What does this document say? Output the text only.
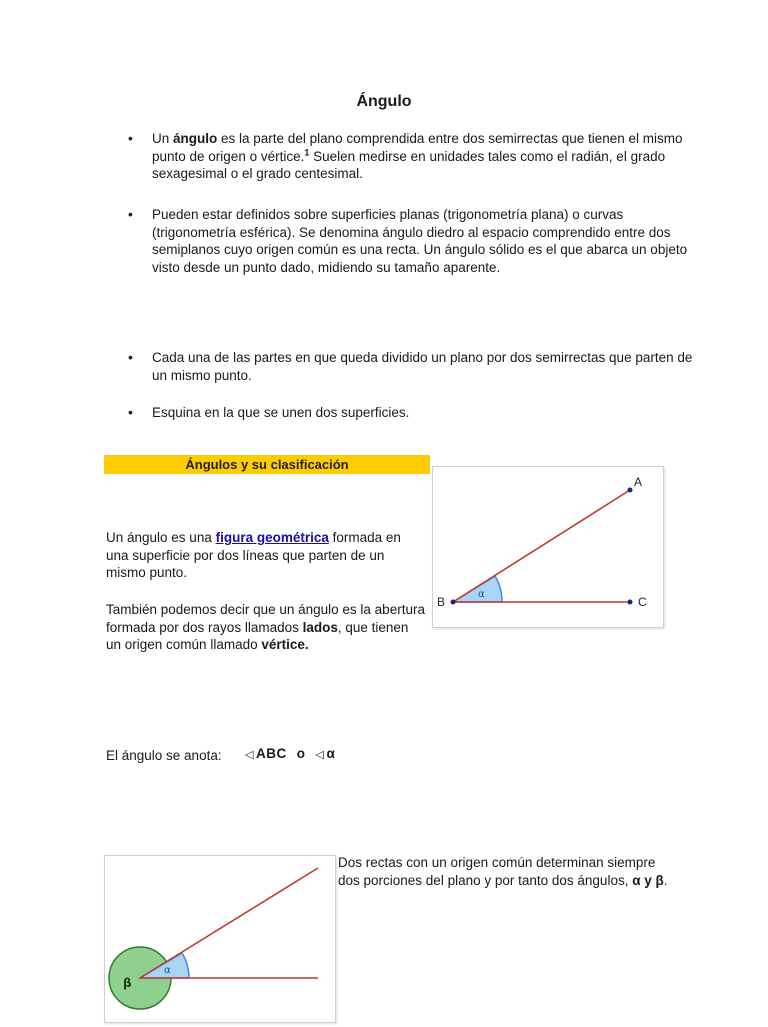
Ángulo
• Un ángulo es la parte del plano comprendida entre dos semirrectas que tienen el mismo punto de origen o vértice.$^1$ Suelen medirse en unidades tales como el radián, el grado sexagesimal o el grado centesimal.
• Pueden estar definidos sobre superficies planas (trigonometría plana) o curvas (trigonometría esférica). Se denomina ángulo diedro al espacio comprendido entre dos semiplanos cuyo origen común es una recta. Un ángulo sólido es el que abarca un objeto visto desde un punto dado, midiendo su tamaño aparente.
• Cada una de las partes en que queda dividido un plano por dos semirrectas que parten de un mismo punto.
• Esquina en la que se unen dos superficies.
Ángulos y su clasificación
Un ángulo es una figura geométrica formada en una superficie por dos líneas que parten de un mismo punto.
También podemos decir que un ángulo es la abertura formada por dos rayos llamados lados, que tienen un origen común llamado vértice.
A
B	C
α
El ángulo se anota: ◁ ABC o ◁ α
β
α
Dos rectas con un origen común determinan siempre dos porciones del plano y por tanto dos ángulos, α y β.
